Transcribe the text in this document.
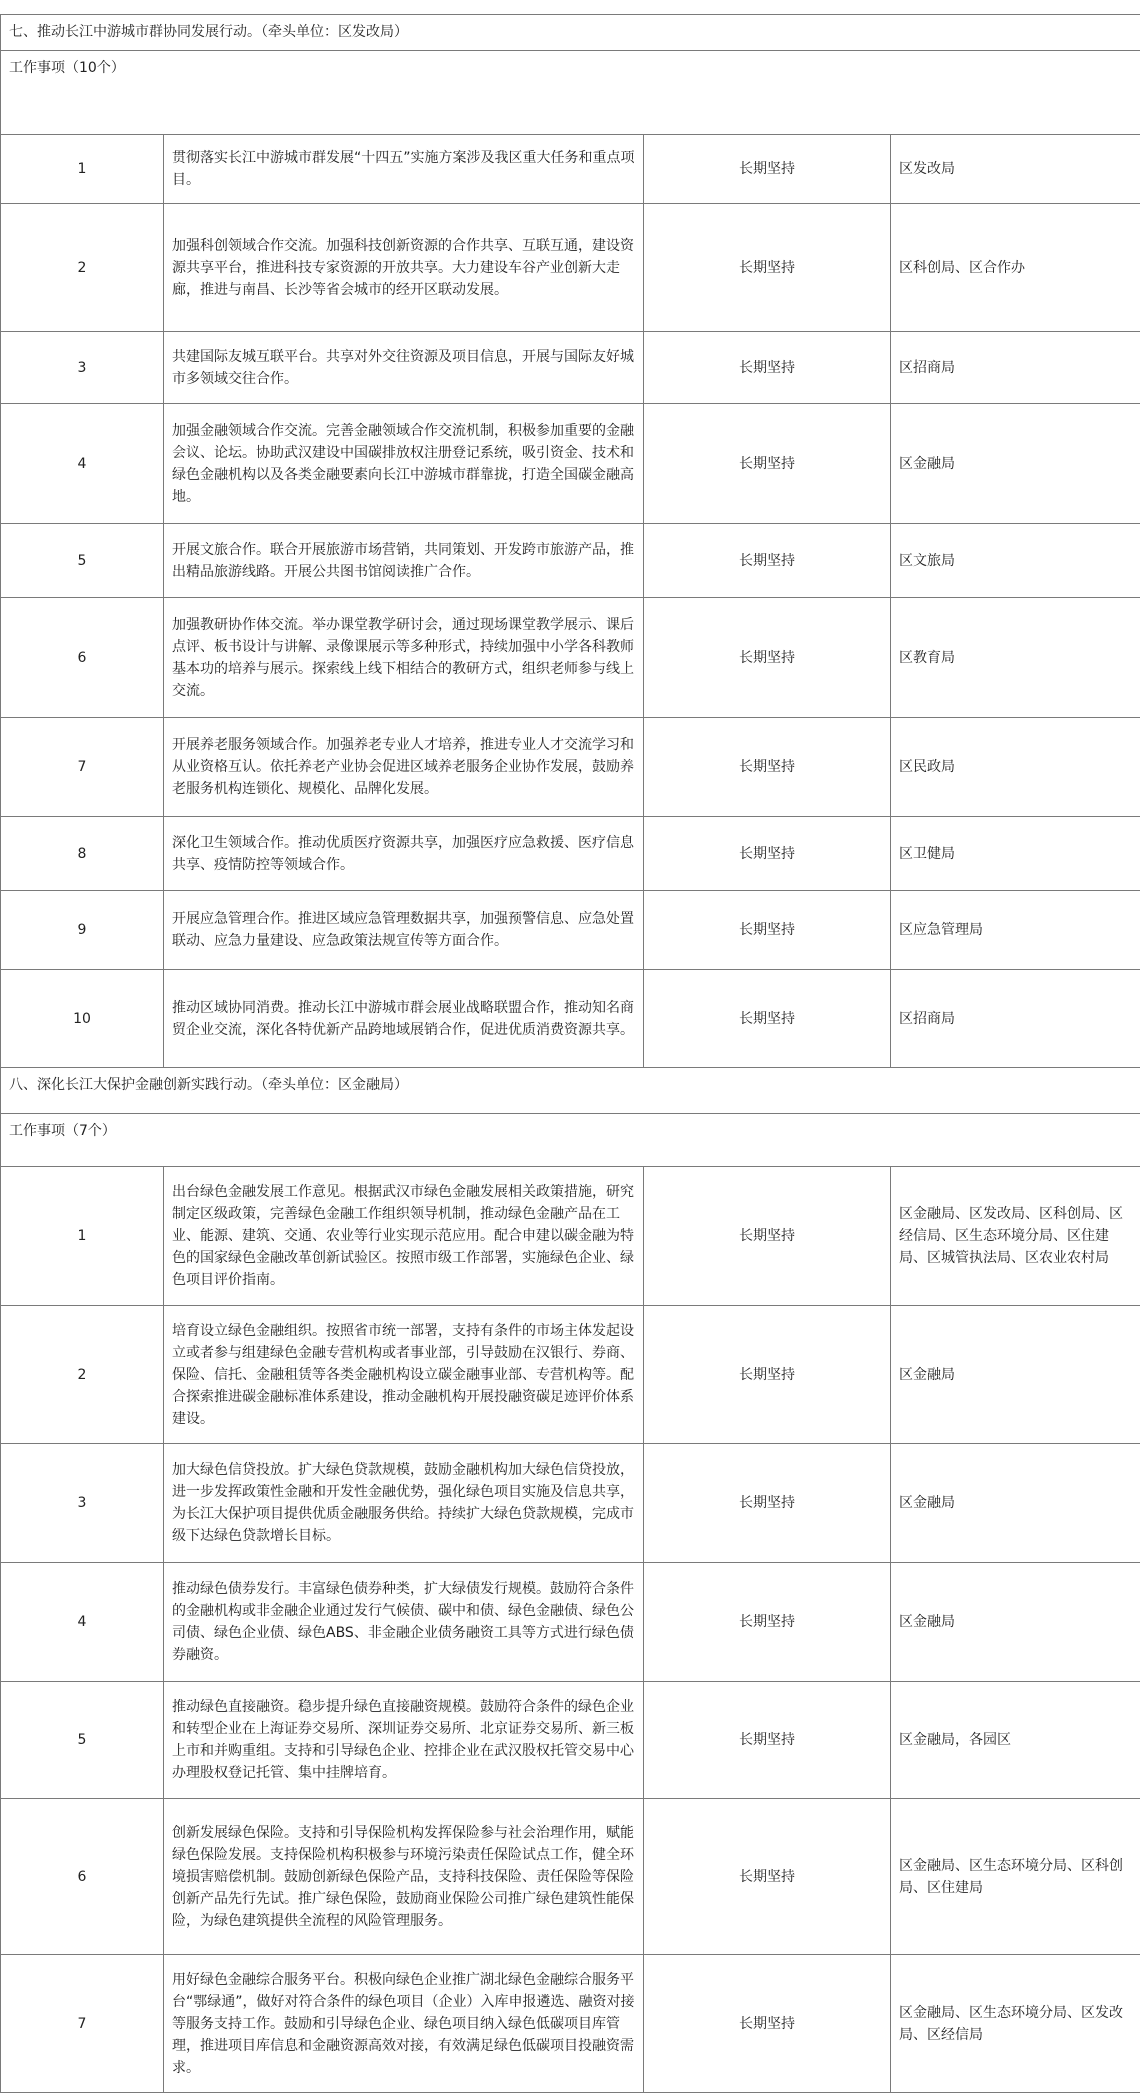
七、推动长江中游城市群协同发展行动。（牵头单位：区发改局）			
工作事项（10个）			
1	贯彻落实长江中游城市群发展“十四五”实施方案涉及我区重大任务和重点项目。	长期坚持	区发改局
2	加强科创领域合作交流。加强科技创新资源的合作共享、互联互通，建设资源共享平台，推进科技专家资源的开放共享。大力建设车谷产业创新大走廊，推进与南昌、长沙等省会城市的经开区联动发展。	长期坚持	区科创局、区合作办
3	共建国际友城互联平台。共享对外交往资源及项目信息，开展与国际友好城市多领域交往合作。	长期坚持	区招商局
4	加强金融领域合作交流。完善金融领域合作交流机制，积极参加重要的金融会议、论坛。协助武汉建设中国碳排放权注册登记系统，吸引资金、技术和绿色金融机构以及各类金融要素向长江中游城市群靠拢，打造全国碳金融高地。	长期坚持	区金融局
5	开展文旅合作。联合开展旅游市场营销，共同策划、开发跨市旅游产品，推出精品旅游线路。开展公共图书馆阅读推广合作。	长期坚持	区文旅局
6	加强教研协作体交流。举办课堂教学研讨会，通过现场课堂教学展示、课后点评、板书设计与讲解、录像课展示等多种形式，持续加强中小学各科教师基本功的培养与展示。探索线上线下相结合的教研方式，组织老师参与线上交流。	长期坚持	区教育局
7	开展养老服务领域合作。加强养老专业人才培养，推进专业人才交流学习和从业资格互认。依托养老产业协会促进区域养老服务企业协作发展，鼓励养老服务机构连锁化、规模化、品牌化发展。	长期坚持	区民政局
8	深化卫生领域合作。推动优质医疗资源共享，加强医疗应急救援、医疗信息共享、疫情防控等领域合作。	长期坚持	区卫健局
9	开展应急管理合作。推进区域应急管理数据共享，加强预警信息、应急处置联动、应急力量建设、应急政策法规宣传等方面合作。	长期坚持	区应急管理局
10	推动区域协同消费。推动长江中游城市群会展业战略联盟合作，推动知名商贸企业交流，深化各特优新产品跨地域展销合作，促进优质消费资源共享。	长期坚持	区招商局
八、深化长江大保护金融创新实践行动。（牵头单位：区金融局）			
工作事项（7个）			
1	出台绿色金融发展工作意见。根据武汉市绿色金融发展相关政策措施，研究制定区级政策，完善绿色金融工作组织领导机制，推动绿色金融产品在工业、能源、建筑、交通、农业等行业实现示范应用。配合申建以碳金融为特色的国家绿色金融改革创新试验区。按照市级工作部署，实施绿色企业、绿色项目评价指南。	长期坚持	区金融局、区发改局、区科创局、区经信局、区生态环境分局、区住建局、区城管执法局、区农业农村局
2	培育设立绿色金融组织。按照省市统一部署，支持有条件的市场主体发起设立或者参与组建绿色金融专营机构或者事业部，引导鼓励在汉银行、券商、保险、信托、金融租赁等各类金融机构设立碳金融事业部、专营机构等。配合探索推进碳金融标准体系建设，推动金融机构开展投融资碳足迹评价体系建设。	长期坚持	区金融局
3	加大绿色信贷投放。扩大绿色贷款规模，鼓励金融机构加大绿色信贷投放，进一步发挥政策性金融和开发性金融优势，强化绿色项目实施及信息共享，为长江大保护项目提供优质金融服务供给。持续扩大绿色贷款规模，完成市级下达绿色贷款增长目标。	长期坚持	区金融局
4	推动绿色债券发行。丰富绿色债券种类，扩大绿债发行规模。鼓励符合条件的金融机构或非金融企业通过发行气候债、碳中和债、绿色金融债、绿色公司债、绿色企业债、绿色ABS、非金融企业债务融资工具等方式进行绿色债券融资。	长期坚持	区金融局
5	推动绿色直接融资。稳步提升绿色直接融资规模。鼓励符合条件的绿色企业和转型企业在上海证券交易所、深圳证券交易所、北京证券交易所、新三板上市和并购重组。支持和引导绿色企业、控排企业在武汉股权托管交易中心办理股权登记托管、集中挂牌培育。	长期坚持	区金融局，各园区
6	创新发展绿色保险。支持和引导保险机构发挥保险参与社会治理作用，赋能绿色保险发展。支持保险机构积极参与环境污染责任保险试点工作，健全环境损害赔偿机制。鼓励创新绿色保险产品，支持科技保险、责任保险等保险创新产品先行先试。推广绿色保险，鼓励商业保险公司推广绿色建筑性能保险，为绿色建筑提供全流程的风险管理服务。	长期坚持	区金融局、区生态环境分局、区科创局、区住建局
7	用好绿色金融综合服务平台。积极向绿色企业推广湖北绿色金融综合服务平台“鄂绿通”，做好对符合条件的绿色项目（企业）入库申报遴选、融资对接等服务支持工作。鼓励和引导绿色企业、绿色项目纳入绿色低碳项目库管理，推进项目库信息和金融资源高效对接，有效满足绿色低碳项目投融资需求。	长期坚持	区金融局、区生态环境分局、区发改局、区经信局
